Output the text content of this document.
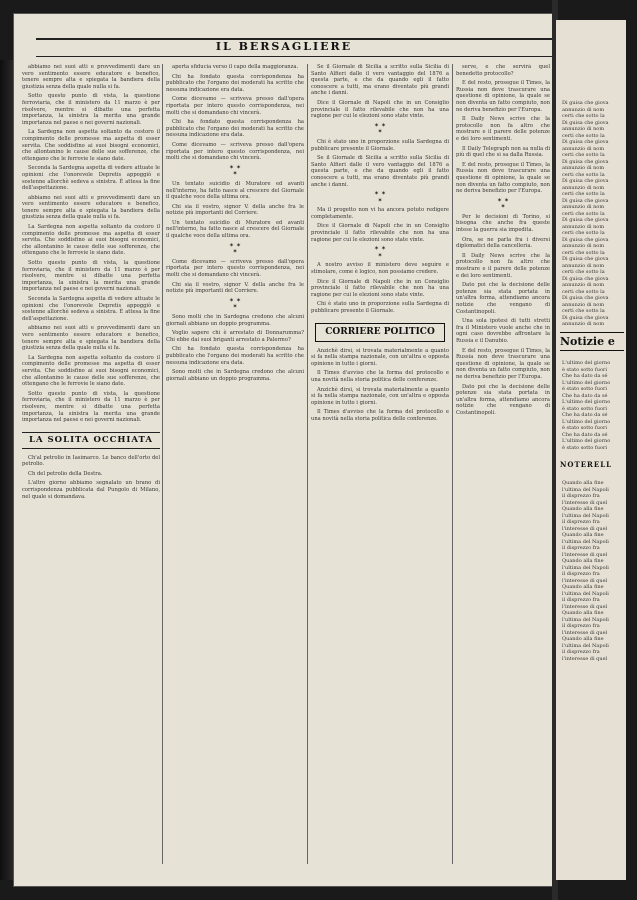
IL BERSAGLIERE

abbiamo nei suoi atti e provvedimenti dare un vero sentimento essere educatore e benefico, tenere sempre alta e spiegata la bandiera della giustizia senza della quale nulla si fa.

Sotto questo punto di vista, la questione ferroviaria, che il ministero da 11 marzo è per risolvere, mentre si dibatte una perfetta importanza, la sinistra la merita una grande importanza nel paese e nei governi nazionali.

La Sardegna non aspetta soltanto da costoro il compimento delle promesse ma aspetta di esser servita. Che soddisfino ai suoi bisogni economici, che allontanino le cause delle sue sofferenze, che ottengano che le ferrovie le siano date.

Seconda la Sardegna aspetta di vedere attuate le opinioni che l'onorevole Depretis appoggiò e sostenne allorchè sedeva a sinistra. È attesa la fine dell'aspettazione.

abbiamo nei suoi atti e provvedimenti dare un vero sentimento essere educatore e benefico, tenere sempre alta e spiegata la bandiera della giustizia senza della quale nulla si fa.

La Sardegna non aspetta soltanto da costoro il compimento delle promesse ma aspetta di esser servita. Che soddisfino ai suoi bisogni economici, che allontanino le cause delle sue sofferenze, che ottengano che le ferrovie le siano date.

Sotto questo punto di vista, la questione ferroviaria, che il ministero da 11 marzo è per risolvere, mentre si dibatte una perfetta importanza, la sinistra la merita una grande importanza nel paese e nei governi nazionali.

Seconda la Sardegna aspetta di vedere attuate le opinioni che l'onorevole Depretis appoggiò e sostenne allorchè sedeva a sinistra. È attesa la fine dell'aspettazione.

abbiamo nei suoi atti e provvedimenti dare un vero sentimento essere educatore e benefico, tenere sempre alta e spiegata la bandiera della giustizia senza della quale nulla si fa.

La Sardegna non aspetta soltanto da costoro il compimento delle promesse ma aspetta di esser servita. Che soddisfino ai suoi bisogni economici, che allontanino le cause delle sue sofferenze, che ottengano che le ferrovie le siano date.

Sotto questo punto di vista, la questione ferroviaria, che il ministero da 11 marzo è per risolvere, mentre si dibatte una perfetta importanza, la sinistra la merita una grande importanza nel paese e nei governi nazionali.

LA SOLITA OCCHIATA

Ch'al petrolio in Iasimarco. Le banco dell'orto del petrolio.

Ch del petrolio della Destra.

L'altro giorno abbiamo segnalato un brano di corrispondenza pubblicata dal Pungolo di Milano, nel quale si domandava.

aperta sfiducia verso il capo della maggioranza.

Chi ha fondato questa corrispondenza ha pubblicato che l'organo dei moderati ha scritto che nessuna indicazione era data.

Come dicevamo — scriveva presso dall'opera riportata per intero questo corrispondenza, nei molti che si domandano chi vincerà.

Chi ha fondato questa corrispondenza ha pubblicato che l'organo dei moderati ha scritto che nessuna indicazione era data.

Come dicevamo — scriveva presso dall'opera riportata per intero questo corrispondenza, nei molti che si domandano chi vincerà.

✶ ✶
✶

Un tentato suicidio di Muratore ed avanti nell'interno, ha fatto nasce al crescere del Giornale il qualche voce della ultima ora.

Chi sia il vostro, signor V. della anche fra le notizie più importanti del Corriere.

Un tentato suicidio di Muratore ed avanti nell'interno, ha fatto nasce al crescere del Giornale il qualche voce della ultima ora.

✶ ✶
✶

Come dicevamo — scriveva presso dall'opera riportata per intero questo corrispondenza, nei molti che si domandano chi vincerà.

Chi sia il vostro, signor V. della anche fra le notizie più importanti del Corriere.

✶ ✶
✶

Sono molti che in Sardegna credono che alcuni giornali abbiano un doppio programma.

Voglio sapere chi è arrestato di Donnarumma? Chi ebbe dai suoi briganti arrestato a Palermo?

Chi ha fondato questa corrispondenza ha pubblicato che l'organo dei moderati ha scritto che nessuna indicazione era data.

Sono molti che in Sardegna credono che alcuni giornali abbiano un doppio programma.

Se il Giornale di Sicilia a scritto sulla Sicilia di Santo Alfieri dalle il vero vantaggio del 1876 a questa parte, e che da quando egli il fatto conoscere a tutti, ma erano diventate più grandi anche i danni.

Dice il Giornale di Napoli che in un Consiglio provinciale il fatto rilevabile che non ha una ragione per cui le elezioni sono state vinte.

✶ ✶
✶

Chi è stato uno in proporzione sulla Sardegna di pubblicare presente il Giornale.

Se il Giornale di Sicilia a scritto sulla Sicilia di Santo Alfieri dalle il vero vantaggio del 1876 a questa parte, e che da quando egli il fatto conoscere a tutti, ma erano diventate più grandi anche i danni.

✶ ✶
✶

Ma il progetto non vi ha ancora potuto redigere completamente.

Dice il Giornale di Napoli che in un Consiglio provinciale il fatto rilevabile che non ha una ragione per cui le elezioni sono state vinte.

✶ ✶
✶

A nostro avviso il ministero deve seguire e stimolare, come è logico, non possiamo credere.

Dice il Giornale di Napoli che in un Consiglio provinciale il fatto rilevabile che non ha una ragione per cui le elezioni sono state vinte.

Chi è stato uno in proporzione sulla Sardegna di pubblicare presente il Giornale.

CORRIERE POLITICO

Anzichè dirsi, si trovata materialmente a quanto si fa nella stampa nazionale, con un'altra e opposta opinione in tutto i giorni.

Il Times d'avviso che la forma del protocollo e una novità nella storia politica delle conferenze.

Anzichè dirsi, si trovata materialmente a quanto si fa nella stampa nazionale, con un'altra e opposta opinione in tutto i giorni.

Il Times d'avviso che la forma del protocollo e una novità nella storia politica delle conferenze.

serve, e che servirà quel benedetto protocollo?

E del resto, prosegue il Times, la Russia non deve trascurare una questione di opinione, la quale se non diventa un fatto compiuto, non ne deriva benefizio per l'Europa.

Il Daily News scrive che la protocollo non fa altro che mostrare e il parere delle potenze e dei loro sentimenti.

Il Daily Telegraph non sa nulla di più di quel che si sa dalla Russia.

E del resto, prosegue il Times, la Russia non deve trascurare una questione di opinione, la quale se non diventa un fatto compiuto, non ne deriva benefizio per l'Europa.

✶ ✶
✶

Per le decisioni di Torino, si bisogna che anche fra queste intese la guerra sia impedita.

Ora, se ne parla fra i diversi diplomatici della cancelleria.

Il Daily News scrive che la protocollo non fa altro che mostrare e il parere delle potenze e dei loro sentimenti.

Dato poi che la decisione delle potenze sia stata portata in un'altra forma, attendiamo ancora notizie che vengano di Costantinopoli.

Una sola ipotesi di tutti stretti fra il Ministero vuole anche che in ogni caso dovrebbe affrontare la Russia e il Danubio.

E del resto, prosegue il Times, la Russia non deve trascurare una questione di opinione, la quale se non diventa un fatto compiuto, non ne deriva benefizio per l'Europa.

Dato poi che la decisione delle potenze sia stata portata in un'altra forma, attendiamo ancora notizie che vengano di Costantinopoli.

Di guisa che giova
annunzio di nom
certi che sotto la
Di guisa che giova
annunzio di nom
certi che sotto la
Di guisa che giova
annunzio di nom
certi che sotto la
Di guisa che giova
annunzio di nom
certi che sotto la
Di guisa che giova
annunzio di nom
certi che sotto la
Di guisa che giova
annunzio di nom
certi che sotto la
Di guisa che giova
annunzio di nom
certi che sotto la
Di guisa che giova
annunzio di nom
certi che sotto la
Di guisa che giova
annunzio di nom
certi che sotto la
Di guisa che giova
annunzio di nom
certi che sotto la
Di guisa che giova
annunzio di nom
certi che sotto la
Di guisa che giova
annunzio di nom
Notizie e
L'ultimo del giorno
è stato sotto fuori
Che ha dato da sé
L'ultimo del giorno
è stato sotto fuori
Che ha dato da sé
L'ultimo del giorno
è stato sotto fuori
Che ha dato da sé
L'ultimo del giorno
è stato sotto fuori
Che ha dato da sé
L'ultimo del giorno
è stato sotto fuori
NOTERELL
Quando alla fine
l'ultima del Napoli
il disprezzo fra
l'interesse di quel
Quando alla fine
l'ultima del Napoli
il disprezzo fra
l'interesse di quel
Quando alla fine
l'ultima del Napoli
il disprezzo fra
l'interesse di quel
Quando alla fine
l'ultima del Napoli
il disprezzo fra
l'interesse di quel
Quando alla fine
l'ultima del Napoli
il disprezzo fra
l'interesse di quel
Quando alla fine
l'ultima del Napoli
il disprezzo fra
l'interesse di quel
Quando alla fine
l'ultima del Napoli
il disprezzo fra
l'interesse di quel
